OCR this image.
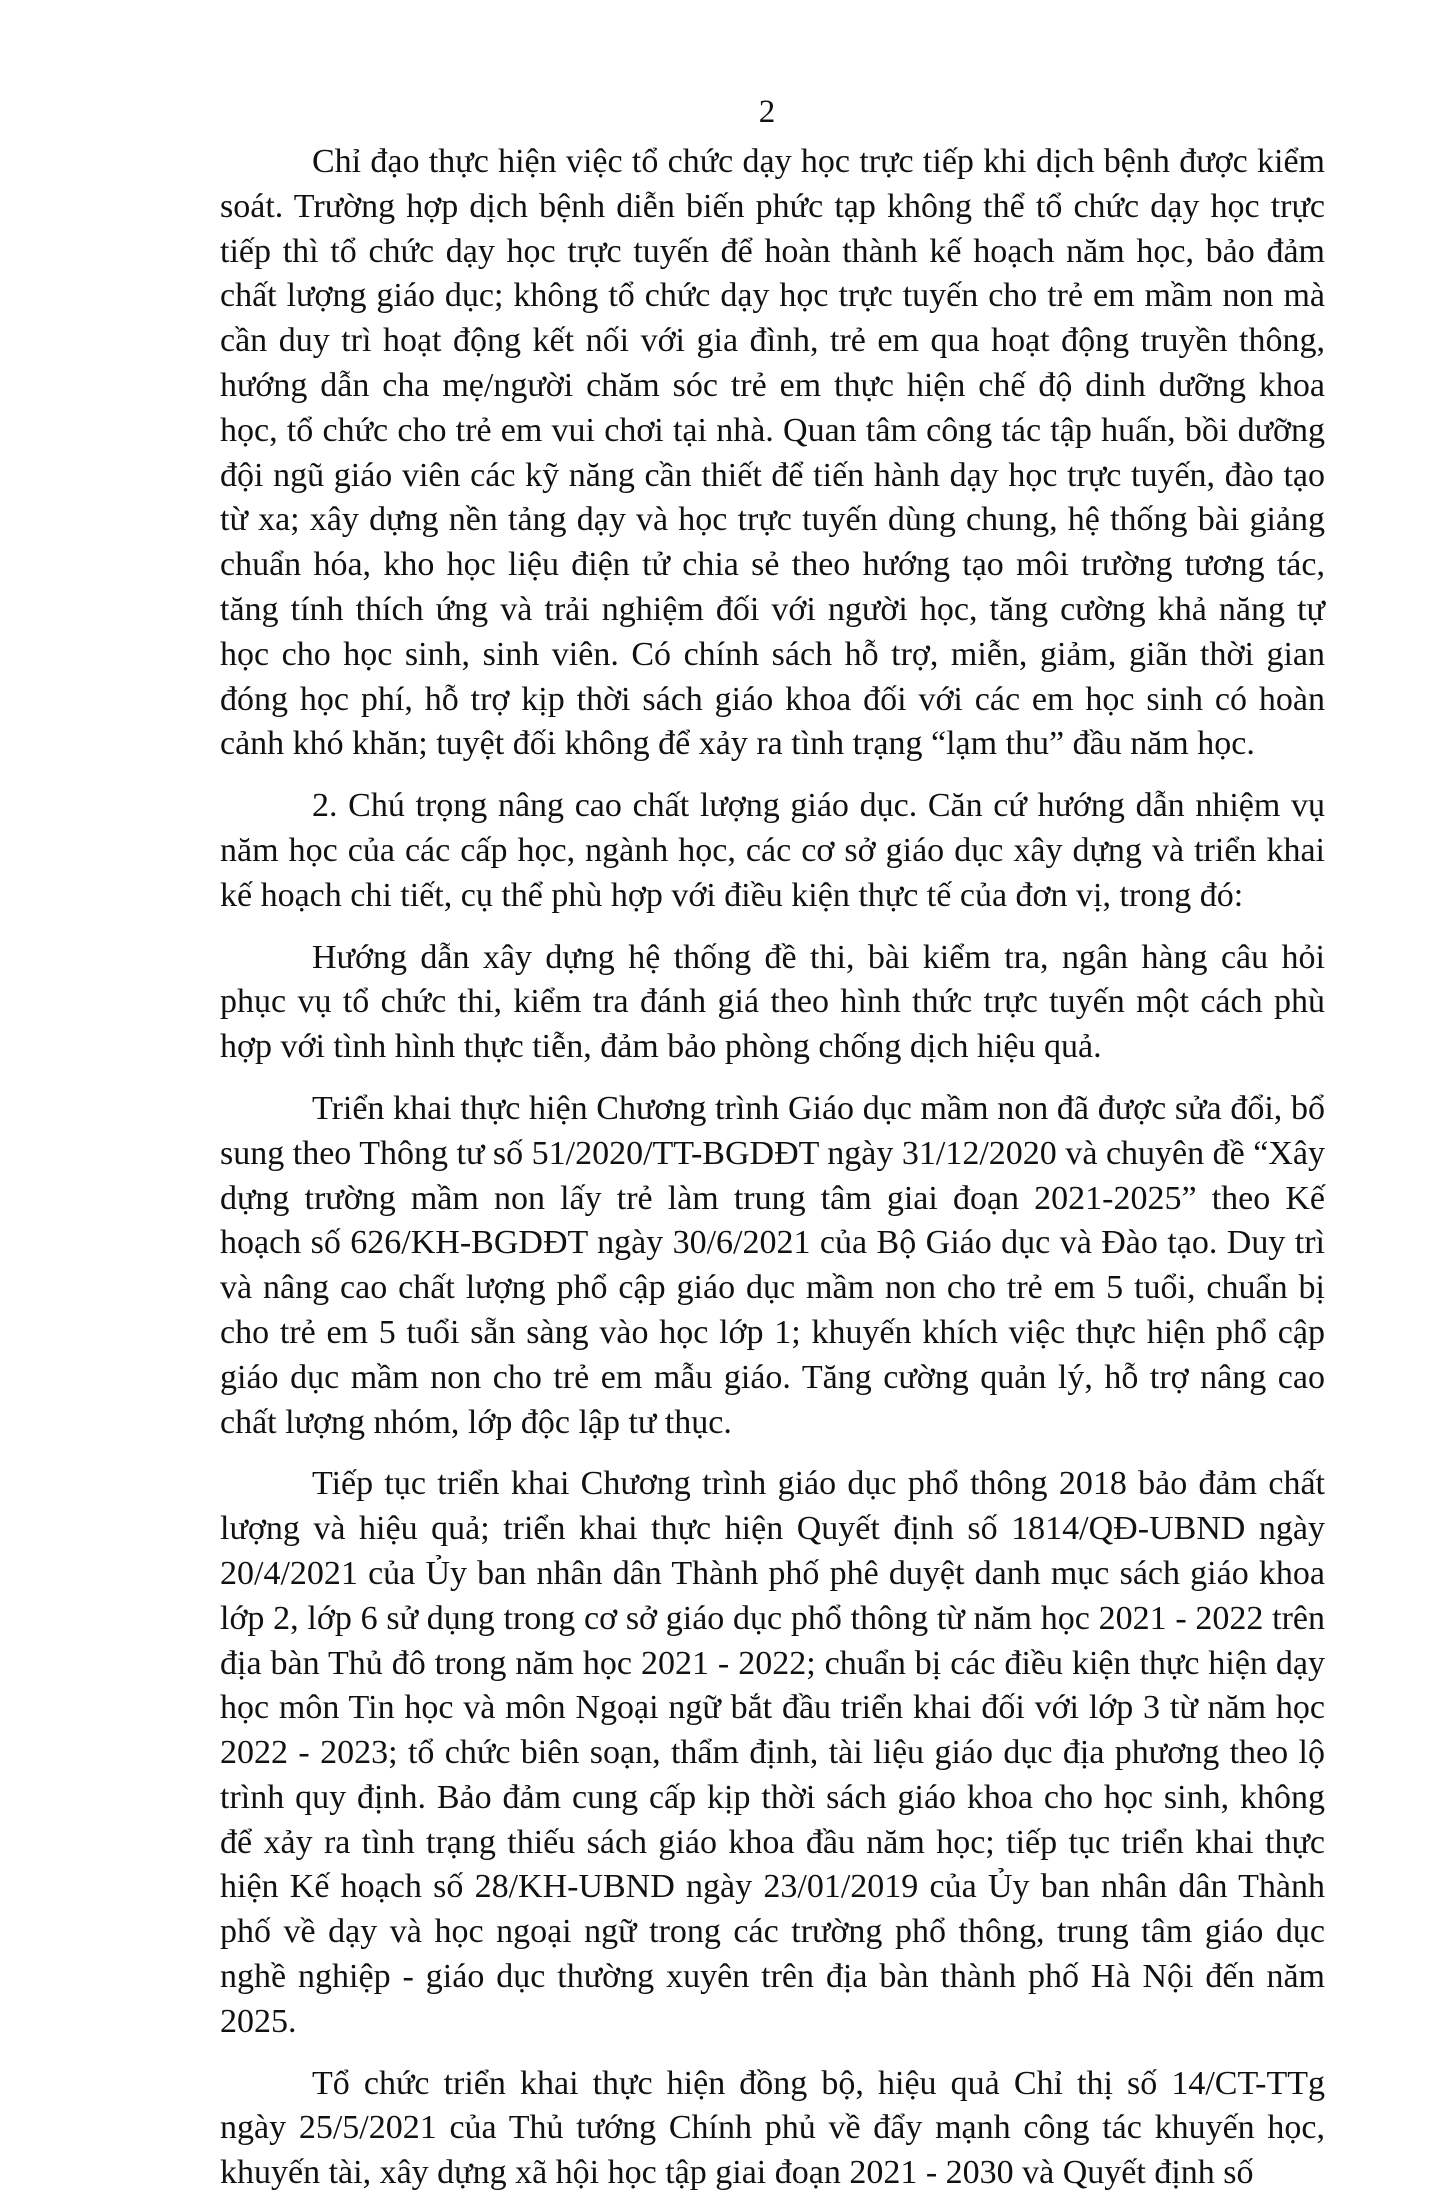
2

Chỉ đạo thực hiện việc tổ chức dạy học trực tiếp khi dịch bệnh được kiểm soát. Trường hợp dịch bệnh diễn biến phức tạp không thể tổ chức dạy học trực tiếp thì tổ chức dạy học trực tuyến để hoàn thành kế hoạch năm học, bảo đảm chất lượng giáo dục; không tổ chức dạy học trực tuyến cho trẻ em mầm non mà cần duy trì hoạt động kết nối với gia đình, trẻ em qua hoạt động truyền thông, hướng dẫn cha mẹ/người chăm sóc trẻ em thực hiện chế độ dinh dưỡng khoa học, tổ chức cho trẻ em vui chơi tại nhà. Quan tâm công tác tập huấn, bồi dưỡng đội ngũ giáo viên các kỹ năng cần thiết để tiến hành dạy học trực tuyến, đào tạo từ xa; xây dựng nền tảng dạy và học trực tuyến dùng chung, hệ thống bài giảng chuẩn hóa, kho học liệu điện tử chia sẻ theo hướng tạo môi trường tương tác, tăng tính thích ứng và trải nghiệm đối với người học, tăng cường khả năng tự học cho học sinh, sinh viên. Có chính sách hỗ trợ, miễn, giảm, giãn thời gian đóng học phí, hỗ trợ kịp thời sách giáo khoa đối với các em học sinh có hoàn cảnh khó khăn; tuyệt đối không để xảy ra tình trạng “lạm thu” đầu năm học.

2. Chú trọng nâng cao chất lượng giáo dục. Căn cứ hướng dẫn nhiệm vụ năm học của các cấp học, ngành học, các cơ sở giáo dục xây dựng và triển khai kế hoạch chi tiết, cụ thể phù hợp với điều kiện thực tế của đơn vị, trong đó:

Hướng dẫn xây dựng hệ thống đề thi, bài kiểm tra, ngân hàng câu hỏi phục vụ tổ chức thi, kiểm tra đánh giá theo hình thức trực tuyến một cách phù hợp với tình hình thực tiễn, đảm bảo phòng chống dịch hiệu quả.

Triển khai thực hiện Chương trình Giáo dục mầm non đã được sửa đổi, bổ sung theo Thông tư số 51/2020/TT-BGDĐT ngày 31/12/2020 và chuyên đề “Xây dựng trường mầm non lấy trẻ làm trung tâm giai đoạn 2021-2025” theo Kế hoạch số 626/KH-BGDĐT ngày 30/6/2021 của Bộ Giáo dục và Đào tạo. Duy trì và nâng cao chất lượng phổ cập giáo dục mầm non cho trẻ em 5 tuổi, chuẩn bị cho trẻ em 5 tuổi sẵn sàng vào học lớp 1; khuyến khích việc thực hiện phổ cập giáo dục mầm non cho trẻ em mẫu giáo. Tăng cường quản lý, hỗ trợ nâng cao chất lượng nhóm, lớp độc lập tư thục.

Tiếp tục triển khai Chương trình giáo dục phổ thông 2018 bảo đảm chất lượng và hiệu quả; triển khai thực hiện Quyết định số 1814/QĐ-UBND ngày 20/4/2021 của Ủy ban nhân dân Thành phố phê duyệt danh mục sách giáo khoa lớp 2, lớp 6 sử dụng trong cơ sở giáo dục phổ thông từ năm học 2021 - 2022 trên địa bàn Thủ đô trong năm học 2021 - 2022; chuẩn bị các điều kiện thực hiện dạy học môn Tin học và môn Ngoại ngữ bắt đầu triển khai đối với lớp 3 từ năm học 2022 - 2023; tổ chức biên soạn, thẩm định, tài liệu giáo dục địa phương theo lộ trình quy định. Bảo đảm cung cấp kịp thời sách giáo khoa cho học sinh, không để xảy ra tình trạng thiếu sách giáo khoa đầu năm học; tiếp tục triển khai thực hiện Kế hoạch số 28/KH-UBND ngày 23/01/2019 của Ủy ban nhân dân Thành phố về dạy và học ngoại ngữ trong các trường phổ thông, trung tâm giáo dục nghề nghiệp - giáo dục thường xuyên trên địa bàn thành phố Hà Nội đến năm 2025.

Tổ chức triển khai thực hiện đồng bộ, hiệu quả Chỉ thị số 14/CT-TTg ngày 25/5/2021 của Thủ tướng Chính phủ về đẩy mạnh công tác khuyến học, khuyến tài, xây dựng xã hội học tập giai đoạn 2021 - 2030 và Quyết định số
